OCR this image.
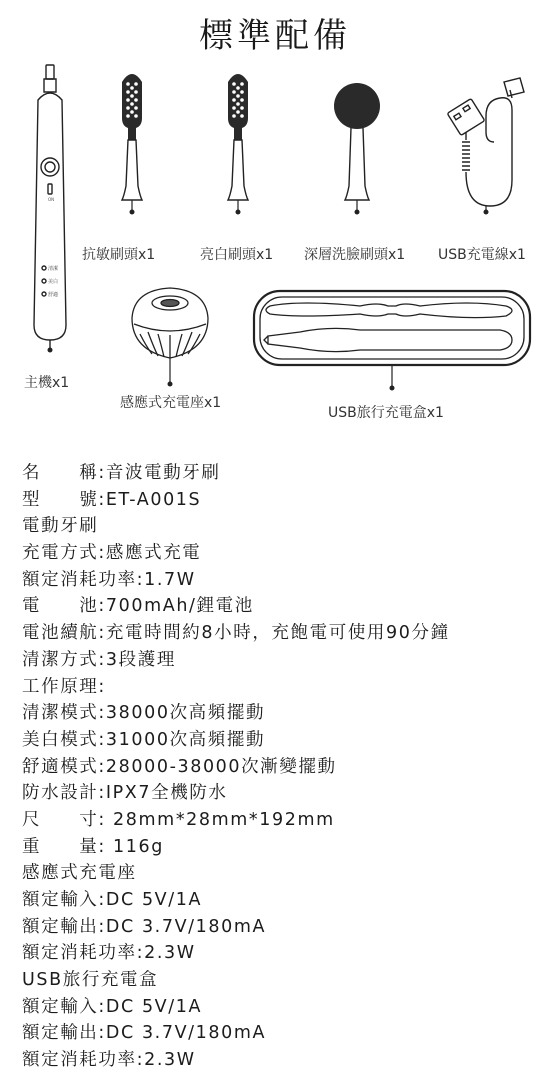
標準配備
ON
清潔
美白
舒適
抗敏刷頭x1	亮白刷頭x1 深層洗臉刷頭x1 USB充電線x1
主機x1
感應式充電座x1
USB旅行充電盒x1
名　　稱:音波電動牙刷
型　　號:ET-A001S
電動牙刷
充電方式:感應式充電
額定消耗功率:1.7W
電　　池:700mAh/鋰電池
電池續航:充電時間約8小時，充飽電可使用90分鐘
清潔方式:3段護理
工作原理:
清潔模式:38000次高頻擺動
美白模式:31000次高頻擺動
舒適模式:28000-38000次漸變擺動
防水設計:IPX7全機防水
尺　　寸: 28mm*28mm*192mm
重　　量: 116g
感應式充電座
額定輸入:DC 5V/1A
額定輸出:DC 3.7V/180mA
額定消耗功率:2.3W
USB旅行充電盒
額定輸入:DC 5V/1A
額定輸出:DC 3.7V/180mA
額定消耗功率:2.3W
